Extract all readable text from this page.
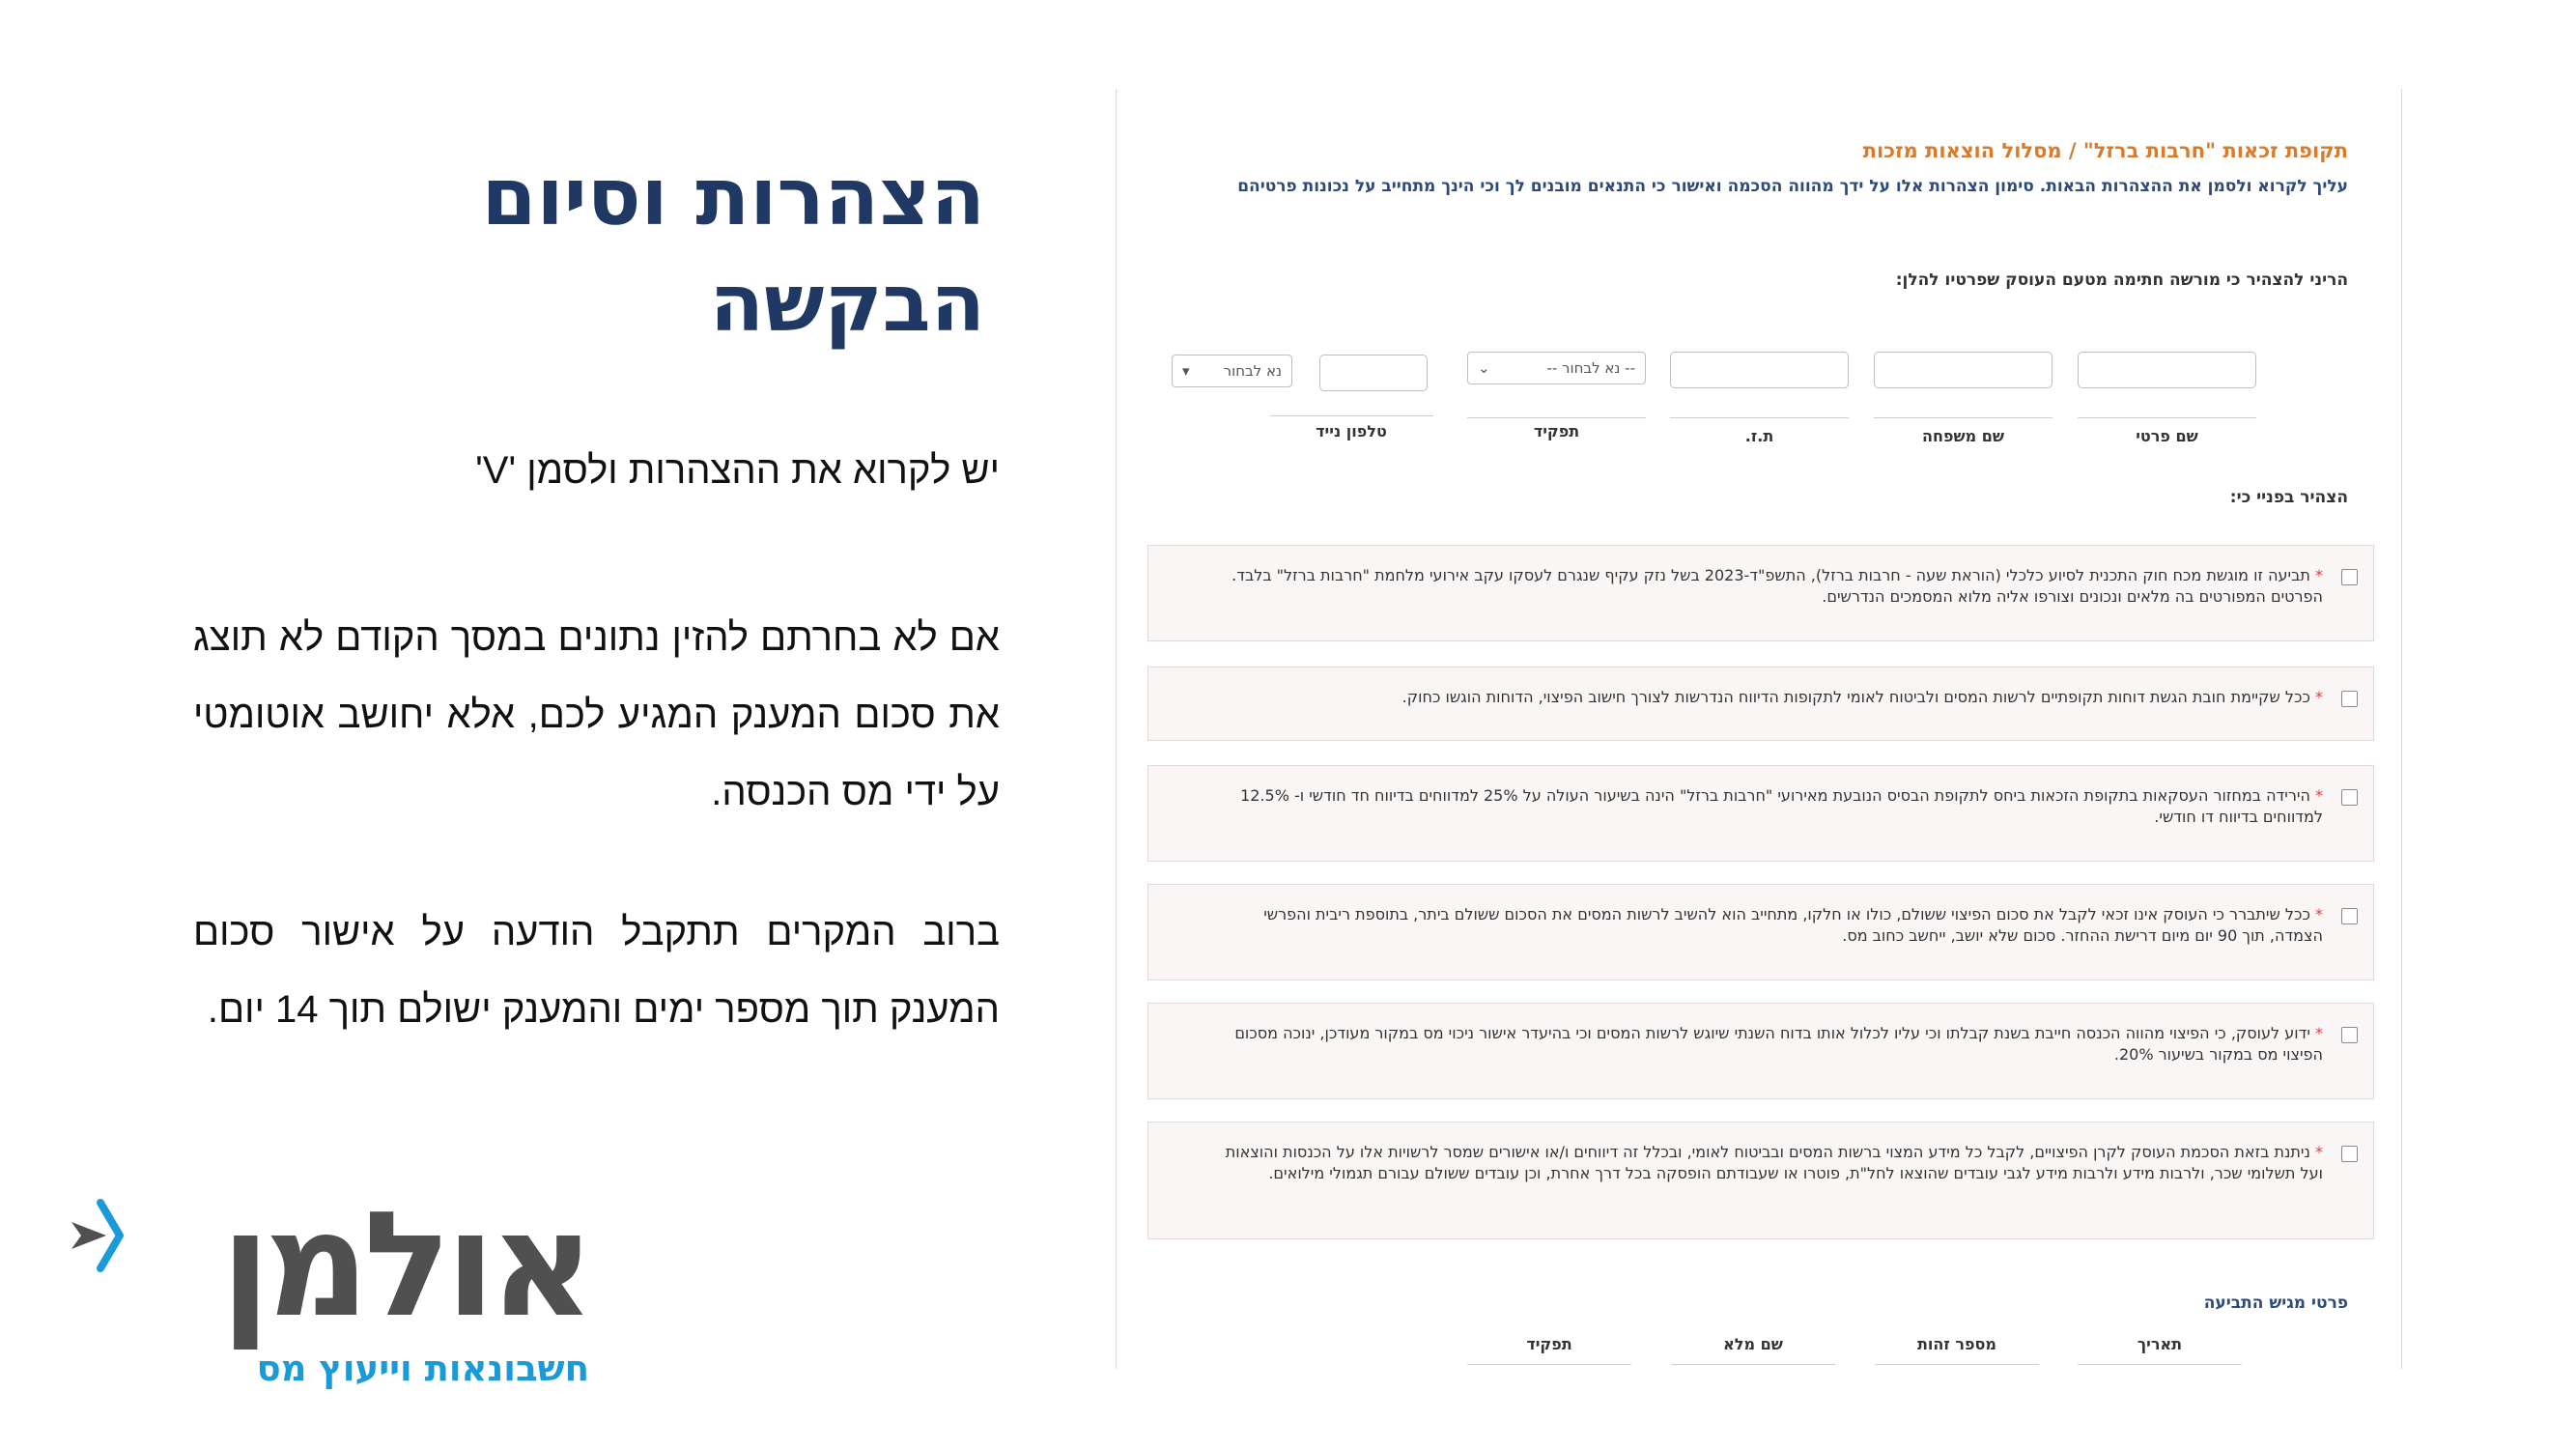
הצהרות וסיום הבקשה

יש לקרוא את ההצהרות ולסמן 'V'

אם לא בחרתם להזין נתונים במסך הקודם לא תוצג את סכום המענק המגיע לכם, אלא יחושב אוטומטי על ידי מס הכנסה.

ברוב המקרים תתקבל הודעה על אישור סכום המענק תוך מספר ימים והמענק ישולם תוך 14 יום.

אולמן
חשבונאות וייעוץ מס
תקופת זכאות "חרבות ברזל" / מסלול הוצאות מזכות
עליך לקרוא ולסמן את ההצהרות הבאות. סימון הצהרות אלו על ידך מהווה הסכמה ואישור כי התנאים מובנים לך וכי הינך מתחייב על נכונות פרטיהם
הריני להצהיר כי מורשה חתימה מטעם העוסק שפרטיו להלן:
שם פרטי
שם משפחה
ת.ז.
-- נא לבחור --
⌄
תפקיד
נא לבחור
▾
טלפון נייד
הצהיר בפניי כי:
* תביעה זו מוגשת מכח חוק התכנית לסיוע כלכלי (הוראת שעה - חרבות ברזל), התשפ"ד-2023 בשל נזק עקיף שנגרם לעסקו עקב אירועי מלחמת "חרבות ברזל" בלבד. הפרטים המפורטים בה מלאים ונכונים וצורפו אליה מלוא המסמכים הנדרשים.
* ככל שקיימת חובת הגשת דוחות תקופתיים לרשות המסים ולביטוח לאומי לתקופות הדיווח הנדרשות לצורך חישוב הפיצוי, הדוחות הוגשו כחוק.
* הירידה במחזור העסקאות בתקופת הזכאות ביחס לתקופת הבסיס הנובעת מאירועי "חרבות ברזל" הינה בשיעור העולה על 25% למדווחים בדיווח חד חודשי ו- 12.5% למדווחים בדיווח דו חודשי.
* ככל שיתברר כי העוסק אינו זכאי לקבל את סכום הפיצוי ששולם, כולו או חלקו, מתחייב הוא להשיב לרשות המסים את הסכום ששולם ביתר, בתוספת ריבית והפרשי הצמדה, תוך 90 יום מיום דרישת ההחזר. סכום שלא יושב, ייחשב כחוב מס.
* ידוע לעוסק, כי הפיצוי מהווה הכנסה חייבת בשנת קבלתו וכי עליו לכלול אותו בדוח השנתי שיוגש לרשות המסים וכי בהיעדר אישור ניכוי מס במקור מעודכן, ינוכה מסכום הפיצוי מס במקור בשיעור 20%.
* ניתנת בזאת הסכמת העוסק לקרן הפיצויים, לקבל כל מידע המצוי ברשות המסים ובביטוח לאומי, ובכלל זה דיווחים ו/או אישורים שמסר לרשויות אלו על הכנסות והוצאות ועל תשלומי שכר, ולרבות מידע ולרבות מידע לגבי עובדים שהוצאו לחל"ת, פוטרו או שעבודתם הופסקה בכל דרך אחרת, וכן עובדים ששולם עבורם תגמולי מילואים.
פרטי מגיש התביעה
תאריך
מספר זהות
שם מלא
תפקיד
